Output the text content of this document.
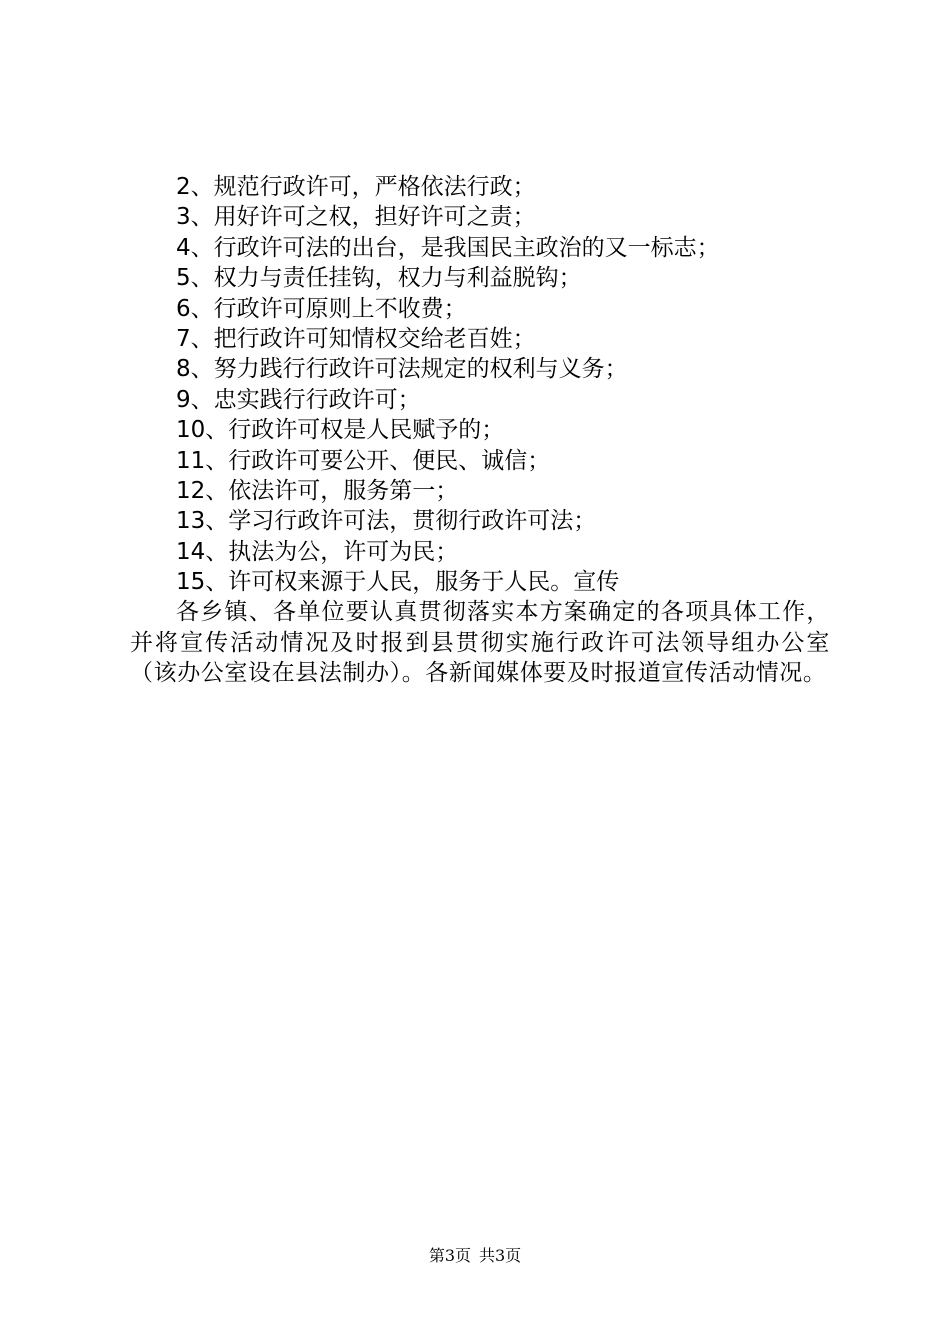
2、规范行政许可，严格依法行政；
3、用好许可之权，担好许可之责；
4、行政许可法的出台，是我国民主政治的又一标志；
5、权力与责任挂钩，权力与利益脱钩；
6、行政许可原则上不收费；
7、把行政许可知情权交给老百姓；
8、努力践行行政许可法规定的权利与义务；
9、忠实践行行政许可；
10、行政许可权是人民赋予的；
11、行政许可要公开、便民、诚信；
12、依法许可，服务第一；
13、学习行政许可法，贯彻行政许可法；
14、执法为公，许可为民；
15、许可权来源于人民，服务于人民。宣传

各乡镇、各单位要认真贯彻落实本方案确定的各项具体工作，并将宣传活动情况及时报到县贯彻实施行政许可法领导组办公室（该办公室设在县法制办）。各新闻媒体要及时报道宣传活动情况。

第3页 共3页
